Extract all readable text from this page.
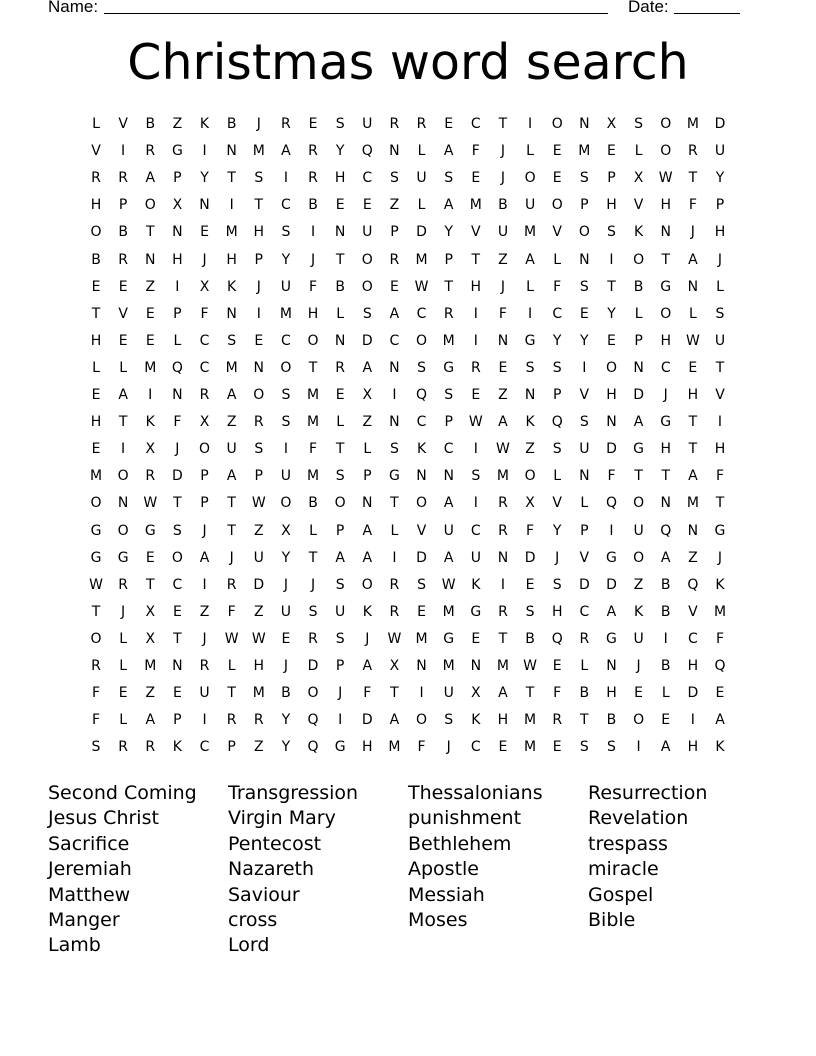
Name:	Date:
Christmas word search
L	V	B	Z	K	B	J	R	E	S	U	R	R	E	C	T	I	O	N	X	S	O	M	D
V	I	R	G	I	N	M	A	R	Y	Q	N	L	A	F	J	L	E	M	E	L	O	R	U
R	R	A	P	Y	T	S	I	R	H	C	S	U	S	E	J	O	E	S	P	X	W	T	Y
H	P	O	X	N	I	T	C	B	E	E	Z	L	A	M	B	U	O	P	H	V	H	F	P
O	B	T	N	E	M	H	S	I	N	U	P	D	Y	V	U	M	V	O	S	K	N	J	H
B	R	N	H	J	H	P	Y	J	T	O	R	M	P	T	Z	A	L	N	I	O	T	A	J
E	E	Z	I	X	K	J	U	F	B	O	E	W	T	H	J	L	F	S	T	B	G	N	L
T	V	E	P	F	N	I	M	H	L	S	A	C	R	I	F	I	C	E	Y	L	O	L	S
H	E	E	L	C	S	E	C	O	N	D	C	O	M	I	N	G	Y	Y	E	P	H	W	U
L	L	M	Q	C	M	N	O	T	R	A	N	S	G	R	E	S	S	I	O	N	C	E	T
E	A	I	N	R	A	O	S	M	E	X	I	Q	S	E	Z	N	P	V	H	D	J	H	V
H	T	K	F	X	Z	R	S	M	L	Z	N	C	P	W	A	K	Q	S	N	A	G	T	I
E	I	X	J	O	U	S	I	F	T	L	S	K	C	I	W	Z	S	U	D	G	H	T	H
M	O	R	D	P	A	P	U	M	S	P	G	N	N	S	M	O	L	N	F	T	T	A	F
O	N	W	T	P	T	W	O	B	O	N	T	O	A	I	R	X	V	L	Q	O	N	M	T
G	O	G	S	J	T	Z	X	L	P	A	L	V	U	C	R	F	Y	P	I	U	Q	N	G
G	G	E	O	A	J	U	Y	T	A	A	I	D	A	U	N	D	J	V	G	O	A	Z	J
W	R	T	C	I	R	D	J	J	S	O	R	S	W	K	I	E	S	D	D	Z	B	Q	K
T	J	X	E	Z	F	Z	U	S	U	K	R	E	M	G	R	S	H	C	A	K	B	V	M
O	L	X	T	J	W W	E	R	S	J	W	M	G	E	T	B	Q	R	G	U	I	C	F
R	L	M	N	R	L	H	J	D	P	A	X	N	M	N	M	W	E	L	N	J	B	H	Q
F	E	Z	E	U	T	M	B	O	J	F	T	I	U	X	A	T	F	B	H	E	L	D	E
F	L	A	P	I	R	R	Y	Q	I	D	A	O	S	K	H	M	R	T	B	O	E	I	A
S	R	R	K	C	P	Z	Y	Q	G	H	M	F	J	C	E	M	E	S	S	I	A	H	K
Second Coming
Jesus Christ
Sacrifice
Jeremiah
Matthew
Manger
Lamb
Transgression
Virgin Mary
Pentecost
Nazareth
Saviour
cross
Lord
Thessalonians
punishment
Bethlehem
Apostle
Messiah
Moses
Resurrection
Revelation
trespass
miracle
Gospel
Bible
